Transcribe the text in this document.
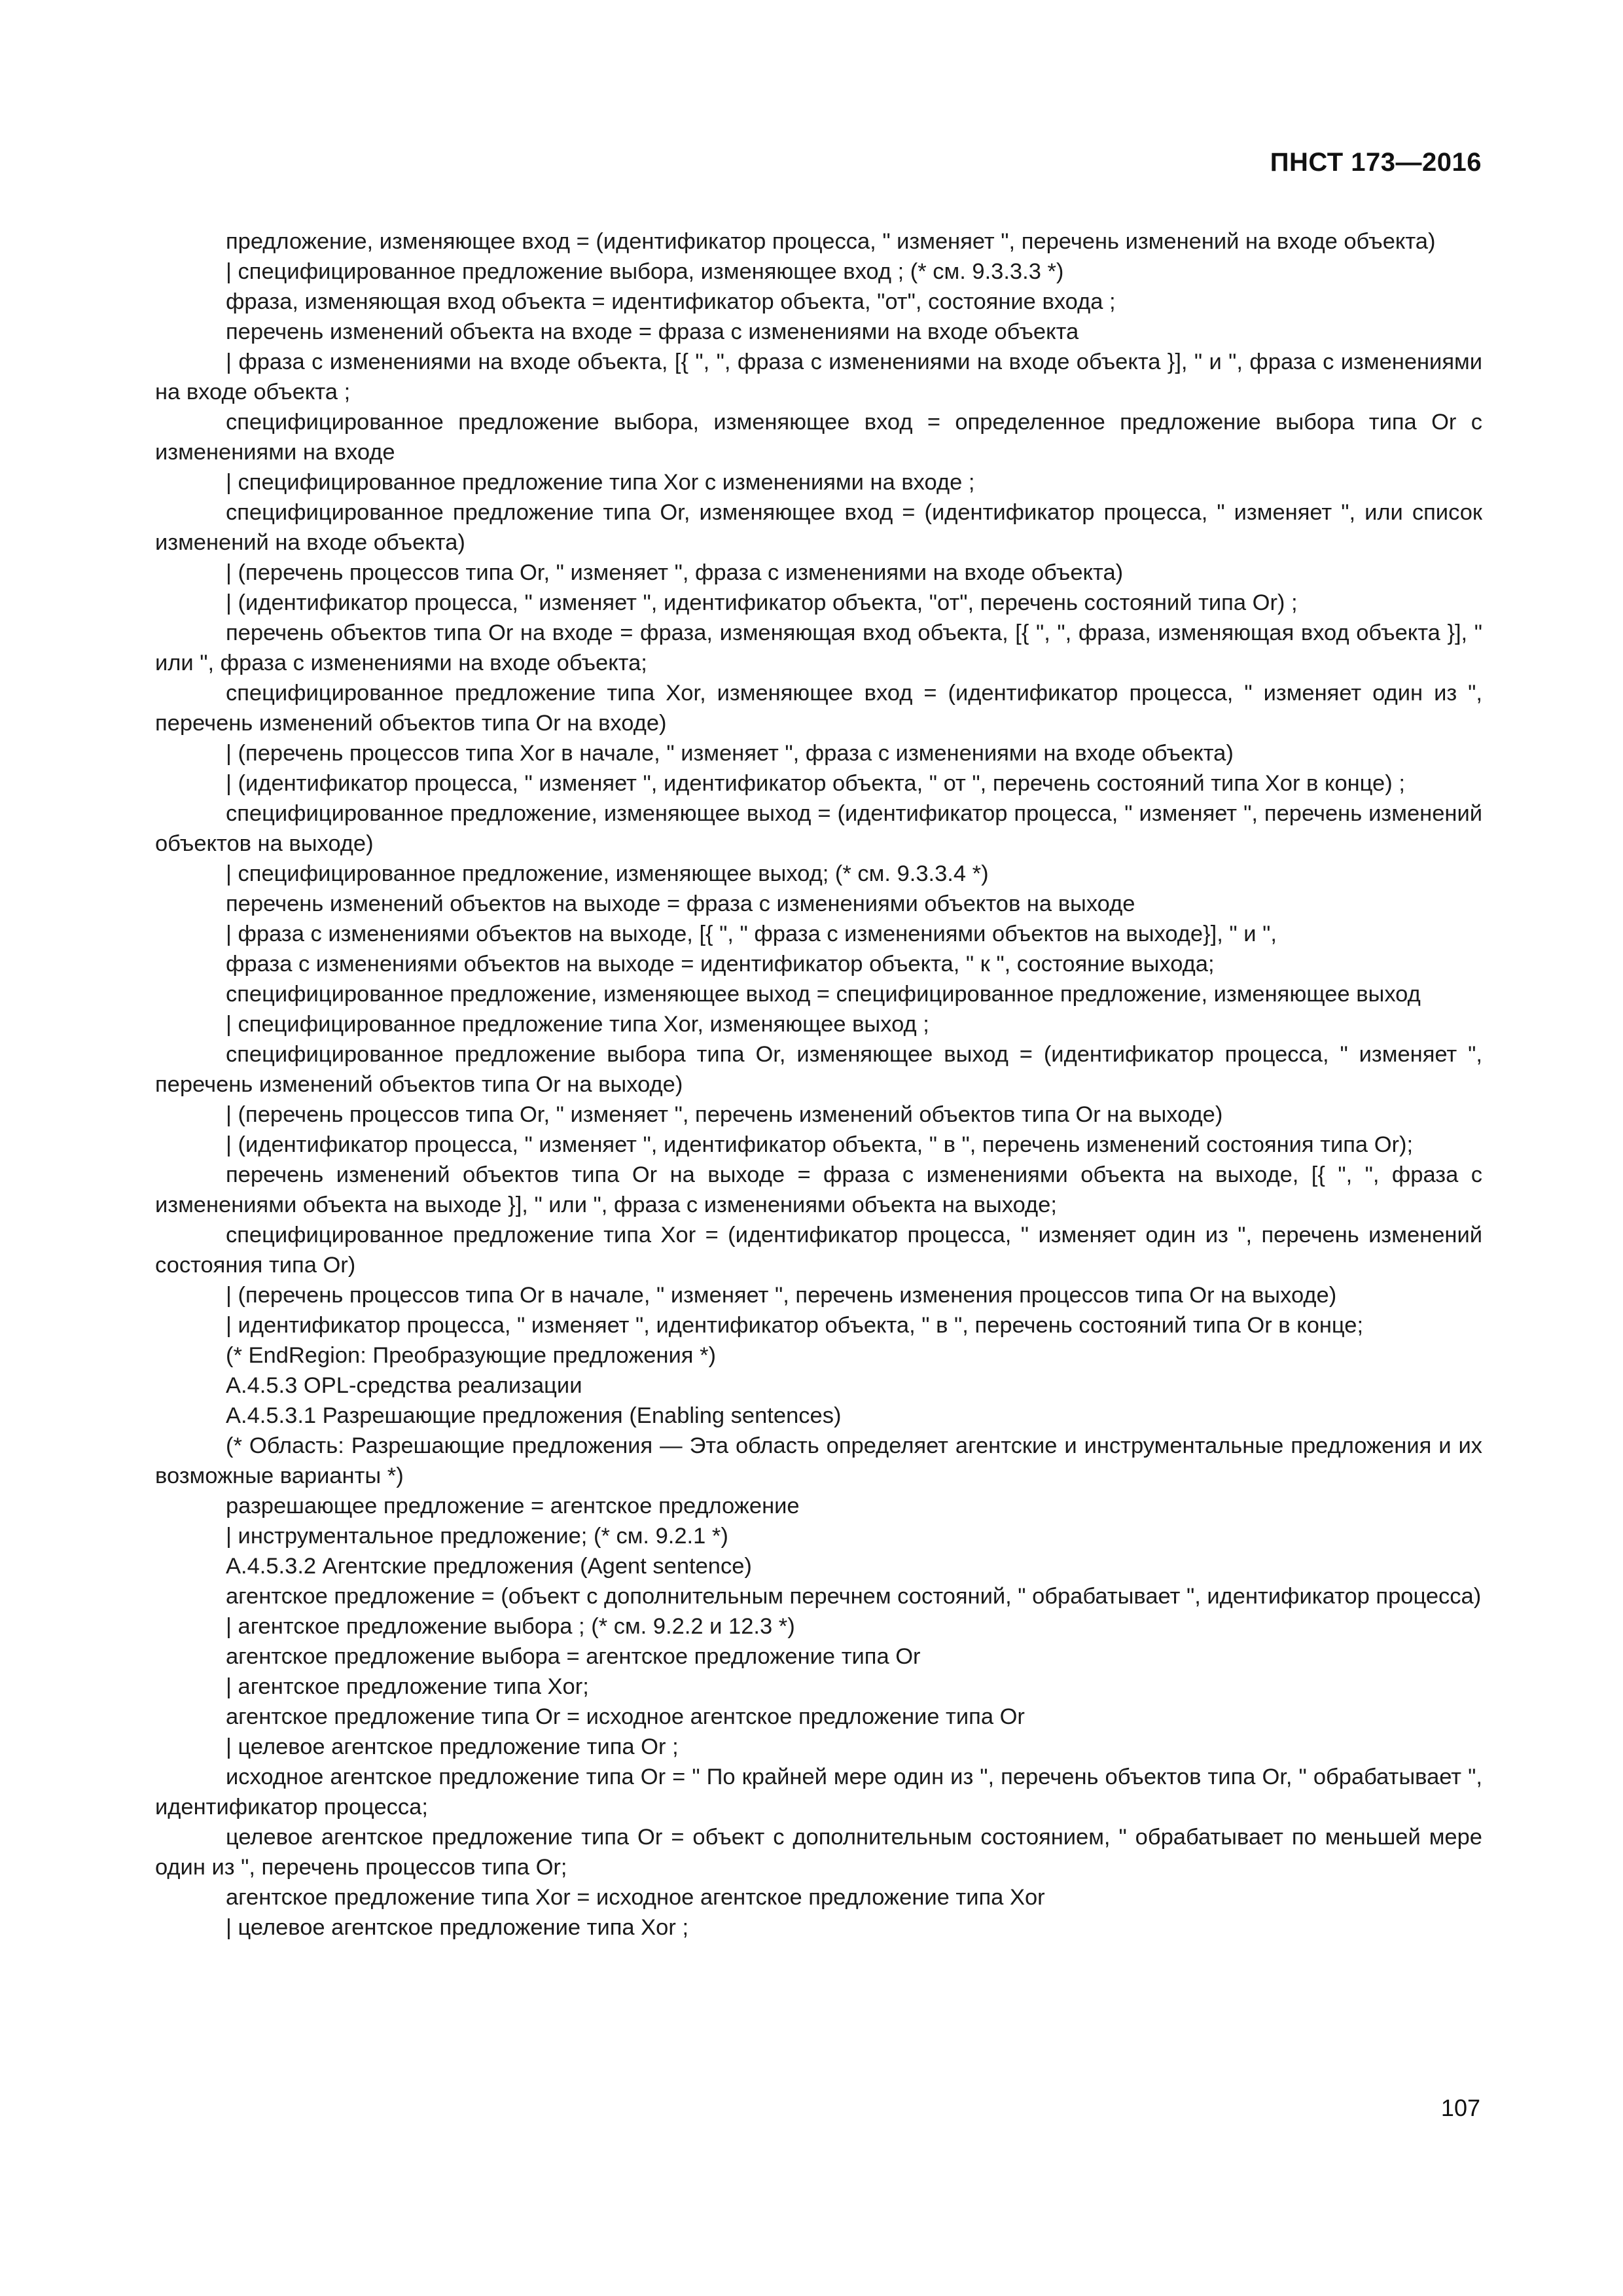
ПНСТ 173—2016

предложение, изменяющее вход = (идентификатор процесса, " изменяет ", перечень изменений на входе объекта)

| специфицированное предложение выбора, изменяющее вход ; (* см. 9.3.3.3 *)

фраза, изменяющая вход объекта = идентификатор объекта, "от", состояние входа ;

перечень изменений объекта на входе = фраза с изменениями на входе объекта

| фраза с изменениями на входе объекта, [{ ", ", фраза с изменениями на входе объекта }], " и ", фраза с изменениями на входе объекта ;

специфицированное предложение выбора, изменяющее вход = определенное предложение выбора типа Or с изменениями на входе

| специфицированное предложение типа Xor с изменениями на входе ;

специфицированное предложение типа Or, изменяющее вход = (идентификатор процесса, " изменяет ", или список изменений на входе объекта)

| (перечень процессов типа Or, " изменяет ", фраза с изменениями на входе объекта)

| (идентификатор процесса, " изменяет ", идентификатор объекта, "от", перечень состояний типа Or) ;

перечень объектов типа Or на входе = фраза, изменяющая вход объекта, [{ ", ", фраза, изменяющая вход объекта }], " или ", фраза с изменениями на входе объекта;

специфицированное предложение типа Xor, изменяющее вход = (идентификатор процесса, " изменяет один из ", перечень изменений объектов типа Or на входе)

| (перечень процессов типа Xor в начале, " изменяет ", фраза с изменениями на входе объекта)

| (идентификатор процесса, " изменяет ", идентификатор объекта, " от ", перечень состояний типа Xor в конце) ;

специфицированное предложение, изменяющее выход = (идентификатор процесса, " изменяет ", перечень изменений объектов на выходе)

| специфицированное предложение, изменяющее выход; (* см. 9.3.3.4 *)

перечень изменений объектов на выходе = фраза с изменениями объектов на выходе

| фраза с изменениями объектов на выходе, [{ ", " фраза с изменениями объектов на выходе}], " и ",

фраза с изменениями объектов на выходе = идентификатор объекта, " к ", состояние выхода;

специфицированное предложение, изменяющее выход = специфицированное предложение, изменяющее выход

| специфицированное предложение типа Xor, изменяющее выход ;

специфицированное предложение выбора типа Or, изменяющее выход = (идентификатор процесса, " изменяет ", перечень изменений объектов типа Or на выходе)

| (перечень процессов типа Or, " изменяет ", перечень изменений объектов типа Or на выходе)

| (идентификатор процесса, " изменяет ", идентификатор объекта, " в ", перечень изменений состояния типа Or);

перечень изменений объектов типа Or на выходе = фраза с изменениями объекта на выходе, [{ ", ", фраза с изменениями объекта на выходе }], " или ", фраза с изменениями объекта на выходе;

специфицированное предложение типа Xor = (идентификатор процесса, " изменяет один из ", перечень изменений состояния типа Or)

| (перечень процессов типа Or в начале, " изменяет ", перечень изменения процессов типа Or на выходе)

| идентификатор процесса, " изменяет ", идентификатор объекта, " в ", перечень состояний типа Or в конце;

(* EndRegion: Преобразующие предложения *)

А.4.5.3 OPL-средства реализации

А.4.5.3.1 Разрешающие предложения (Enabling sentences)

(* Область: Разрешающие предложения — Эта область определяет агентские и инструментальные предложения и их возможные варианты *)

разрешающее предложение = агентское предложение

| инструментальное предложение; (* см. 9.2.1 *)

А.4.5.3.2 Агентские предложения (Agent sentence)

агентское предложение = (объект с дополнительным перечнем состояний, " обрабатывает ", идентификатор процесса)

| агентское предложение выбора ; (* см. 9.2.2 и 12.3 *)

агентское предложение выбора = агентское предложение типа Or

| агентское предложение типа Xor;

агентское предложение типа Or = исходное агентское предложение типа Or

| целевое агентское предложение типа Or ;

исходное агентское предложение типа Or = " По крайней мере один из ", перечень объектов типа Or, " обрабатывает ", идентификатор процесса;

целевое агентское предложение типа Or = объект с дополнительным состоянием, " обрабатывает по меньшей мере один из ", перечень процессов типа Or;

агентское предложение типа Xor = исходное агентское предложение типа Xor

| целевое агентское предложение типа Xor ;

107
